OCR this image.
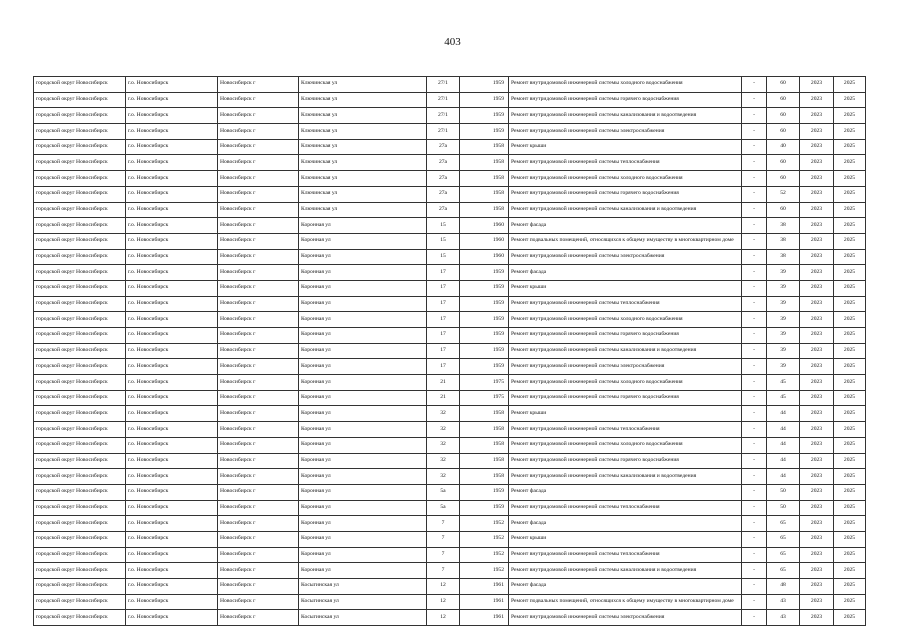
403
городской округ Новосибирск	г.о. Новосибирск	Новосибирск г	Ключинская ул	27/1	1959	Ремонт внутридомовой инженерной системы холодного водоснабжения	-	60	2023	2025
городской округ Новосибирск	г.о. Новосибирск	Новосибирск г	Ключинская ул	27/1	1959	Ремонт внутридомовой инженерной системы горячего водоснабжения	-	60	2023	2025
городской округ Новосибирск	г.о. Новосибирск	Новосибирск г	Ключинская ул	27/1	1959	Ремонт внутридомовой инженерной системы канализования и водоотведения	-	60	2023	2025
городской округ Новосибирск	г.о. Новосибирск	Новосибирск г	Ключинская ул	27/1	1959	Ремонт внутридомовой инженерной системы электроснабжения	-	60	2023	2025
городской округ Новосибирск	г.о. Новосибирск	Новосибирск г	Ключинская ул	27а	1958	Ремонт крыши	-	40	2023	2025
городской округ Новосибирск	г.о. Новосибирск	Новосибирск г	Ключинская ул	27а	1958	Ремонт внутридомовой инженерной системы теплоснабжения	-	60	2023	2025
городской округ Новосибирск	г.о. Новосибирск	Новосибирск г	Ключинская ул	27а	1958	Ремонт внутридомовой инженерной системы холодного водоснабжения	-	60	2023	2025
городской округ Новосибирск	г.о. Новосибирск	Новосибирск г	Ключинская ул	27а	1958	Ремонт внутридомовой инженерной системы горячего водоснабжения	-	52	2023	2025
городской округ Новосибирск	г.о. Новосибирск	Новосибирск г	Ключинская ул	27а	1958	Ремонт внутридомовой инженерной системы канализования и водоотведения	-	60	2023	2025
городской округ Новосибирск	г.о. Новосибирск	Новосибирск г	Коронная ул	15	1960	Ремонт фасада	-	38	2023	2025
городской округ Новосибирск	г.о. Новосибирск	Новосибирск г	Коронная ул	15	1960	Ремонт подвальных помещений, относящихся к общему имуществу в многоквартирном доме	-	38	2023	2025
городской округ Новосибирск	г.о. Новосибирск	Новосибирск г	Коронная ул	15	1960	Ремонт внутридомовой инженерной системы электроснабжения	-	38	2023	2025
городской округ Новосибирск	г.о. Новосибирск	Новосибирск г	Коронная ул	17	1959	Ремонт фасада	-	39	2023	2025
городской округ Новосибирск	г.о. Новосибирск	Новосибирск г	Коронная ул	17	1959	Ремонт крыши	-	39	2023	2025
городской округ Новосибирск	г.о. Новосибирск	Новосибирск г	Коронная ул	17	1959	Ремонт внутридомовой инженерной системы теплоснабжения	-	39	2023	2025
городской округ Новосибирск	г.о. Новосибирск	Новосибирск г	Коронная ул	17	1959	Ремонт внутридомовой инженерной системы холодного водоснабжения	-	39	2023	2025
городской округ Новосибирск	г.о. Новосибирск	Новосибирск г	Коронная ул	17	1959	Ремонт внутридомовой инженерной системы горячего водоснабжения	-	39	2023	2025
городской округ Новосибирск	г.о. Новосибирск	Новосибирск г	Коронная ул	17	1959	Ремонт внутридомовой инженерной системы канализования и водоотведения	-	39	2023	2025
городской округ Новосибирск	г.о. Новосибирск	Новосибирск г	Коронная ул	17	1959	Ремонт внутридомовой инженерной системы электроснабжения	-	39	2023	2025
городской округ Новосибирск	г.о. Новосибирск	Новосибирск г	Коронная ул	21	1975	Ремонт внутридомовой инженерной системы холодного водоснабжения	-	45	2023	2025
городской округ Новосибирск	г.о. Новосибирск	Новосибирск г	Коронная ул	21	1975	Ремонт внутридомовой инженерной системы горячего водоснабжения	-	45	2023	2025
городской округ Новосибирск	г.о. Новосибирск	Новосибирск г	Коронная ул	32	1958	Ремонт крыши	-	44	2023	2025
городской округ Новосибирск	г.о. Новосибирск	Новосибирск г	Коронная ул	32	1958	Ремонт внутридомовой инженерной системы теплоснабжения	-	44	2023	2025
городской округ Новосибирск	г.о. Новосибирск	Новосибирск г	Коронная ул	32	1958	Ремонт внутридомовой инженерной системы холодного водоснабжения	-	44	2023	2025
городской округ Новосибирск	г.о. Новосибирск	Новосибирск г	Коронная ул	32	1958	Ремонт внутридомовой инженерной системы горячего водоснабжения	-	44	2023	2025
городской округ Новосибирск	г.о. Новосибирск	Новосибирск г	Коронная ул	32	1958	Ремонт внутридомовой инженерной системы канализования и водоотведения	-	44	2023	2025
городской округ Новосибирск	г.о. Новосибирск	Новосибирск г	Коронная ул	5а	1959	Ремонт фасада	-	50	2023	2025
городской округ Новосибирск	г.о. Новосибирск	Новосибирск г	Коронная ул	5а	1959	Ремонт внутридомовой инженерной системы теплоснабжения	-	50	2023	2025
городской округ Новосибирск	г.о. Новосибирск	Новосибирск г	Коронная ул	7	1952	Ремонт фасада	-	65	2023	2025
городской округ Новосибирск	г.о. Новосибирск	Новосибирск г	Коронная ул	7	1952	Ремонт крыши	-	65	2023	2025
городской округ Новосибирск	г.о. Новосибирск	Новосибирск г	Коронная ул	7	1952	Ремонт внутридомовой инженерной системы теплоснабжения	-	65	2023	2025
городской округ Новосибирск	г.о. Новосибирск	Новосибирск г	Коронная ул	7	1952	Ремонт внутридомовой инженерной системы канализования и водоотведения	-	65	2023	2025
городской округ Новосибирск	г.о. Новосибирск	Новосибирск г	Косыгинская ул	12	1961	Ремонт фасада	-	48	2023	2025
городской округ Новосибирск	г.о. Новосибирск	Новосибирск г	Косыгинская ул	12	1961	Ремонт подвальных помещений, относящихся к общему имуществу в многоквартирном доме	-	43	2023	2025
городской округ Новосибирск	г.о. Новосибирск	Новосибирск г	Косыгинская ул	12	1961	Ремонт внутридомовой инженерной системы электроснабжения	-	43	2023	2025
